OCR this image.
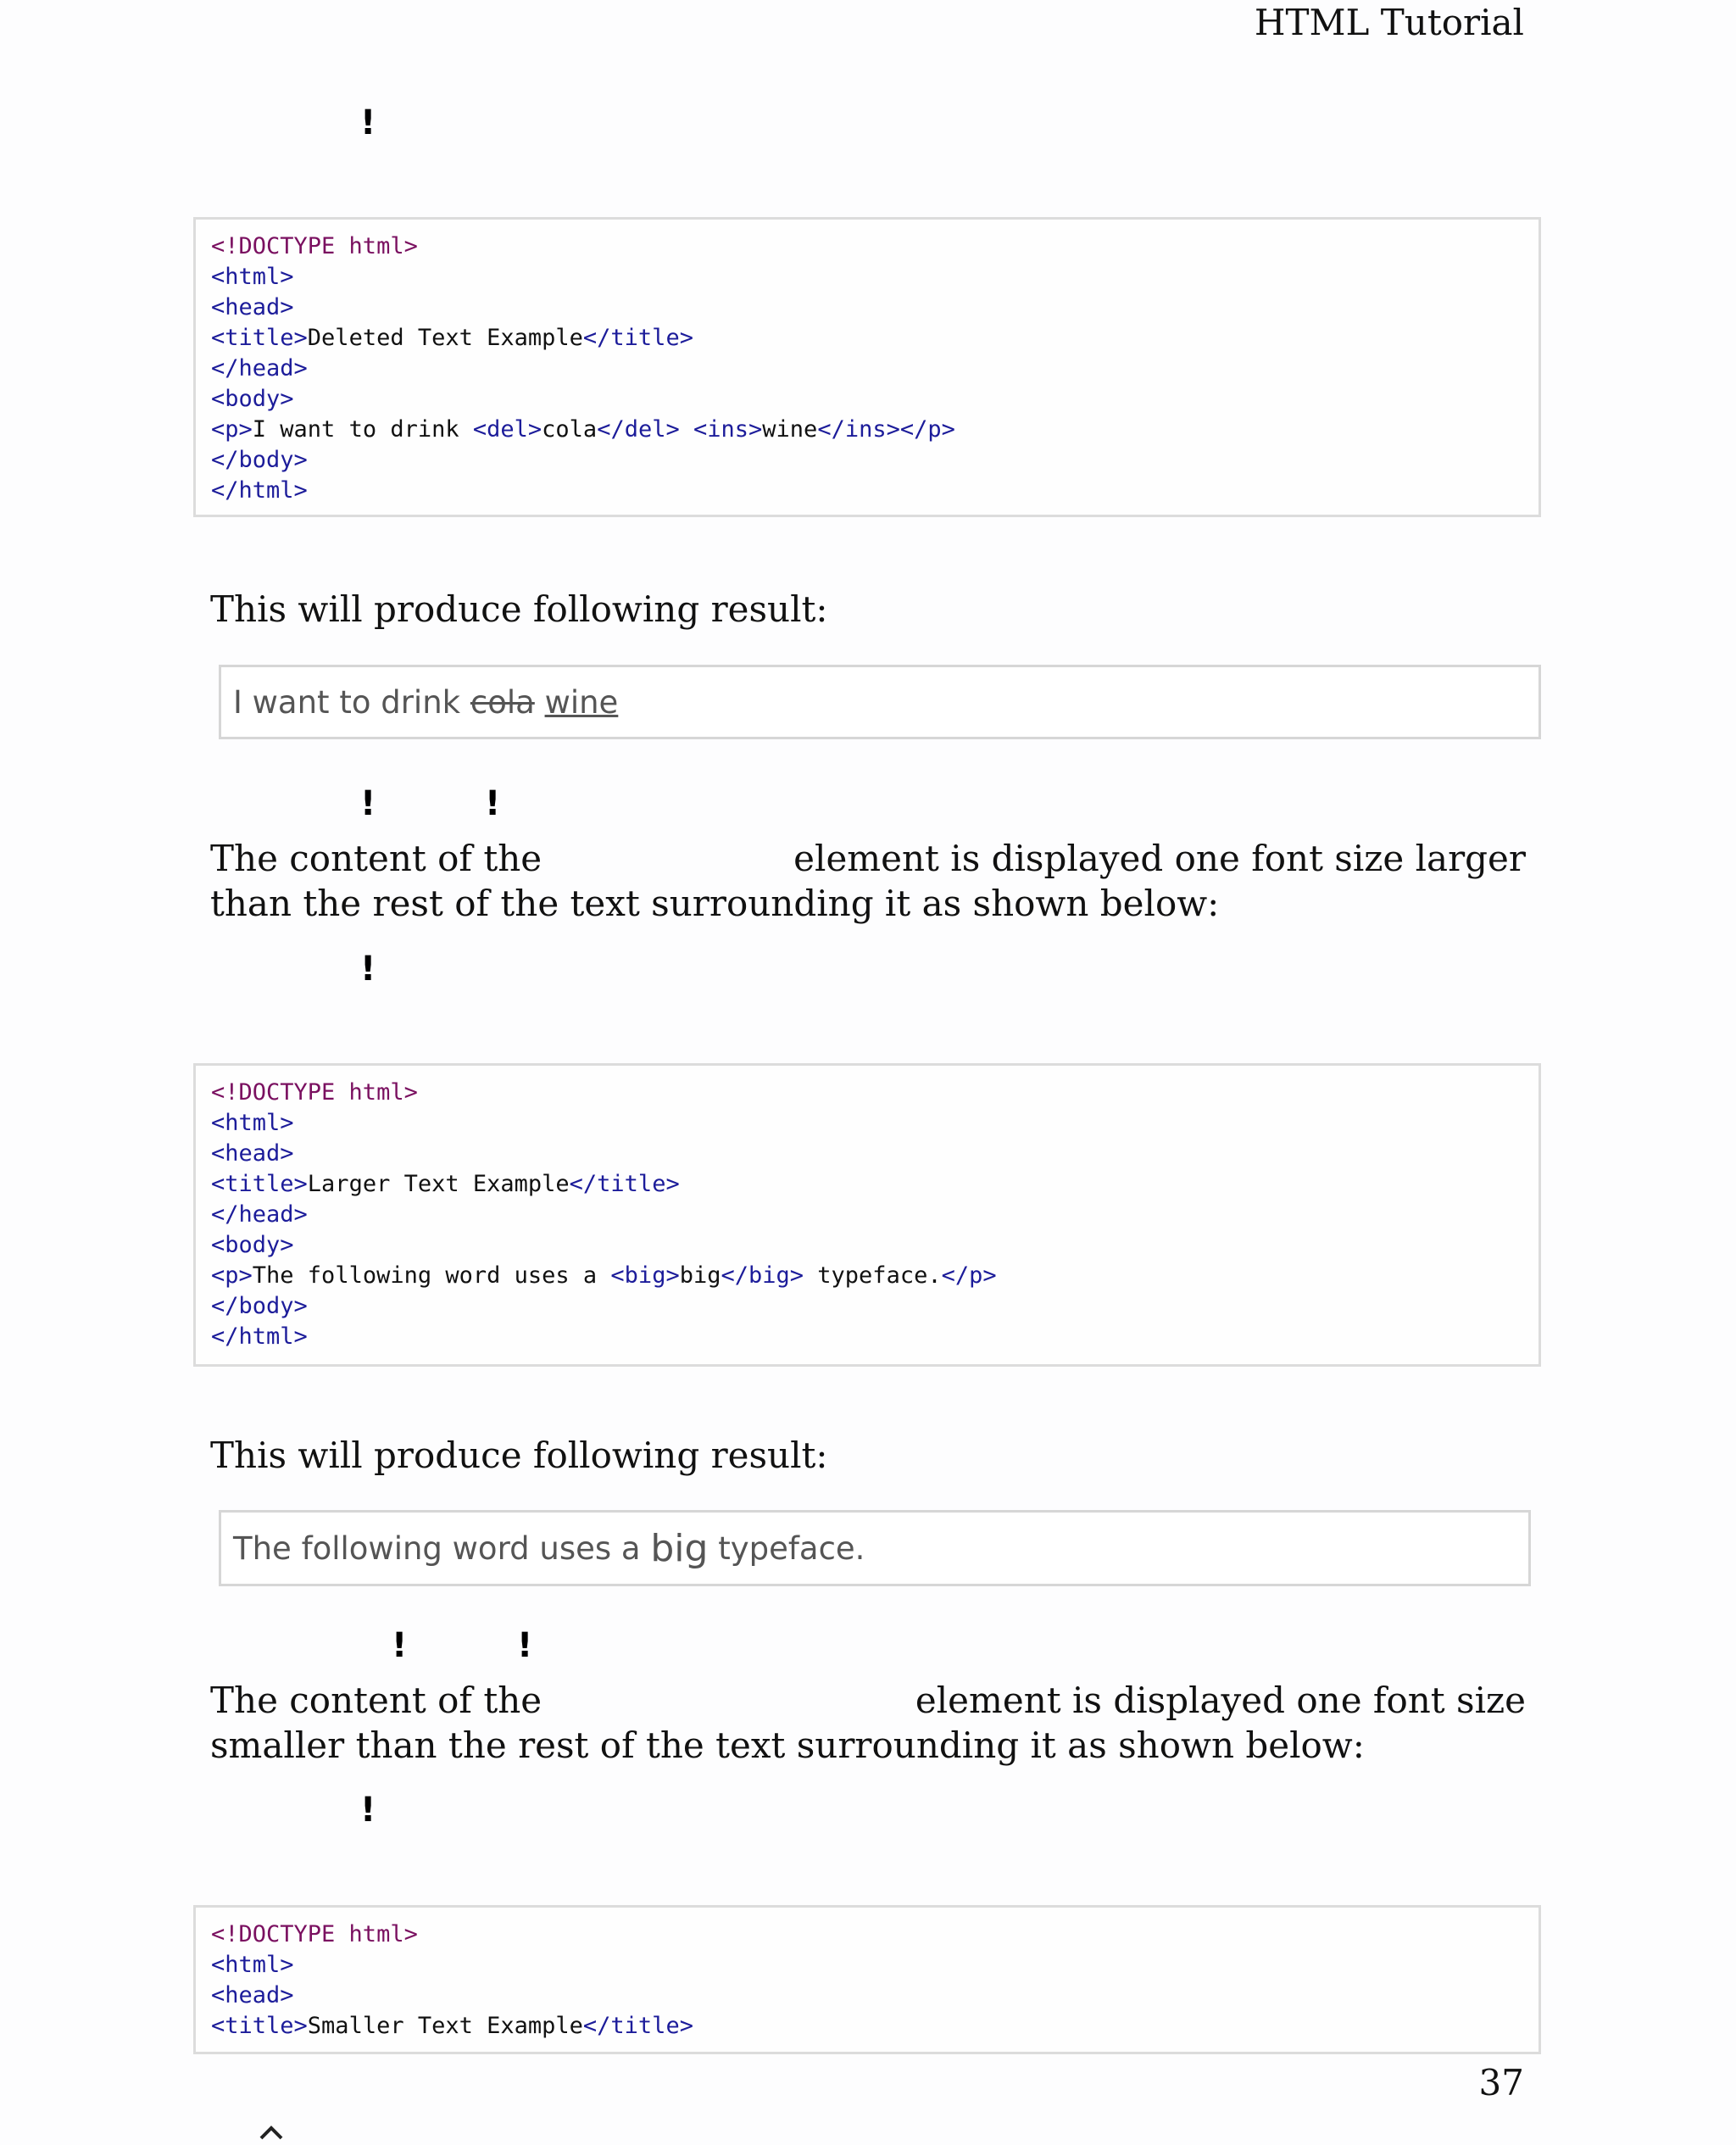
HTML Tutorial
!
<!DOCTYPE html>
<html>
<head>
<title>Deleted Text Example</title>
</head>
<body>
<p>I want to drink <del>cola</del> <ins>wine</ins></p>
</body>
</html>
This will produce following result:
I want to drink cola
wine
!	!
The content of the	element is displayed one font size larger
than the rest of the text surrounding it as shown below:
!
<!DOCTYPE html>
<html>
<head>
<title>Larger Text Example</title>
</head>
<body>
<p>The following word uses a <big>big</big> typeface.</p>
</body>
</html>
This will produce following result:
The following word uses a big typeface.
!	!
The content of the	element is displayed one font size
smaller than the rest of the text surrounding it as shown below:
!
<!DOCTYPE html>
<html>
<head>
<title>Smaller Text Example</title>
37
